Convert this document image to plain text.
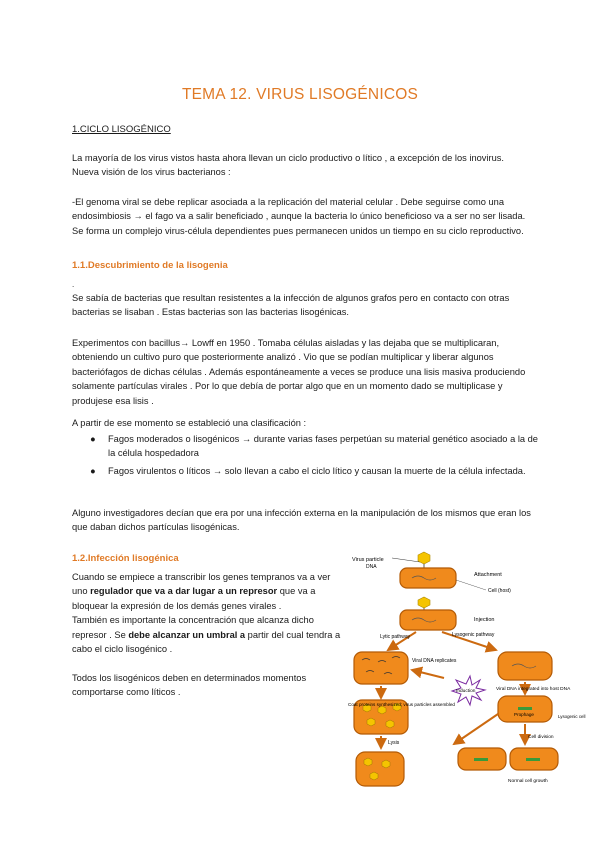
TEMA 12. VIRUS LISOGÉNICOS
1.CICLO LISOGÉNICO

La mayoría de los virus vistos hasta ahora llevan un ciclo productivo o lítico , a excepción de los inovirus.

Nueva visión de los virus bacterianos :

-El genoma viral se debe replicar asociada a la replicación del material celular . Debe seguirse como una

endosimbiosis → el fago va a salir beneficiado , aunque la bacteria lo único beneficioso va a ser no ser lisada.

Se forma un complejo virus-célula dependientes pues permanecen unidos un tiempo en su ciclo reproductivo.

1.1.Descubrimiento de la lisogenia
.

Se sabía de bacterias que resultan resistentes a la infección de algunos grafos pero en contacto con otras

bacterias se lisaban . Estas bacterias son las bacterias lisogénicas.

Experimentos con bacillus→ Lowff en 1950 . Tomaba células aisladas y las dejaba que se multiplicaran,

obteniendo un cultivo puro que posteriormente analizó . Vio que se podían multiplicar y liberar algunos

bacteriófagos de dichas células . Además espontáneamente a veces se produce una lisis masiva produciendo

solamente partículas virales . Por lo que debía de portar algo que en un momento dado se multiplicase y

produjese esa lisis .

A partir de ese momento se estableció una clasificación :

● Fagos moderados o lisogénicos → durante varias fases perpetúan su material genético asociado a la de
la célula hospedadora
● Fagos virulentos o líticos → solo llevan a cabo el ciclo lítico y causan la muerte de la célula infectada.

Alguno investigadores decían que era por una infección externa en la manipulación de los mismos que eran los

que daban dichos partículas lisogénicas.

1.2.Infección lisogénica

Cuando se empiece a transcribir los genes tempranos va a ver

uno regulador que va a dar lugar a un represor que va a

bloquear la expresión de los demás genes virales .

También es importante la concentración que alcanza dicho

represor . Se debe alcanzar un umbral a partir del cual tendra a

cabo el ciclo lisogénico .

Todos los lisogénicos deben en determinados momentos

comportarse como líticos .

Virus particle
DNA
Attachment
Cell (host)
Injection
Lytic pathway	Lysogenic pathway
Viral DNA replicates
Coat proteins synthesized; virus particles assembled
Lysis
Induction	Viral DNA integrated into host DNA
Prophage	Lysogenic cell
Cell division
Normal cell growth
